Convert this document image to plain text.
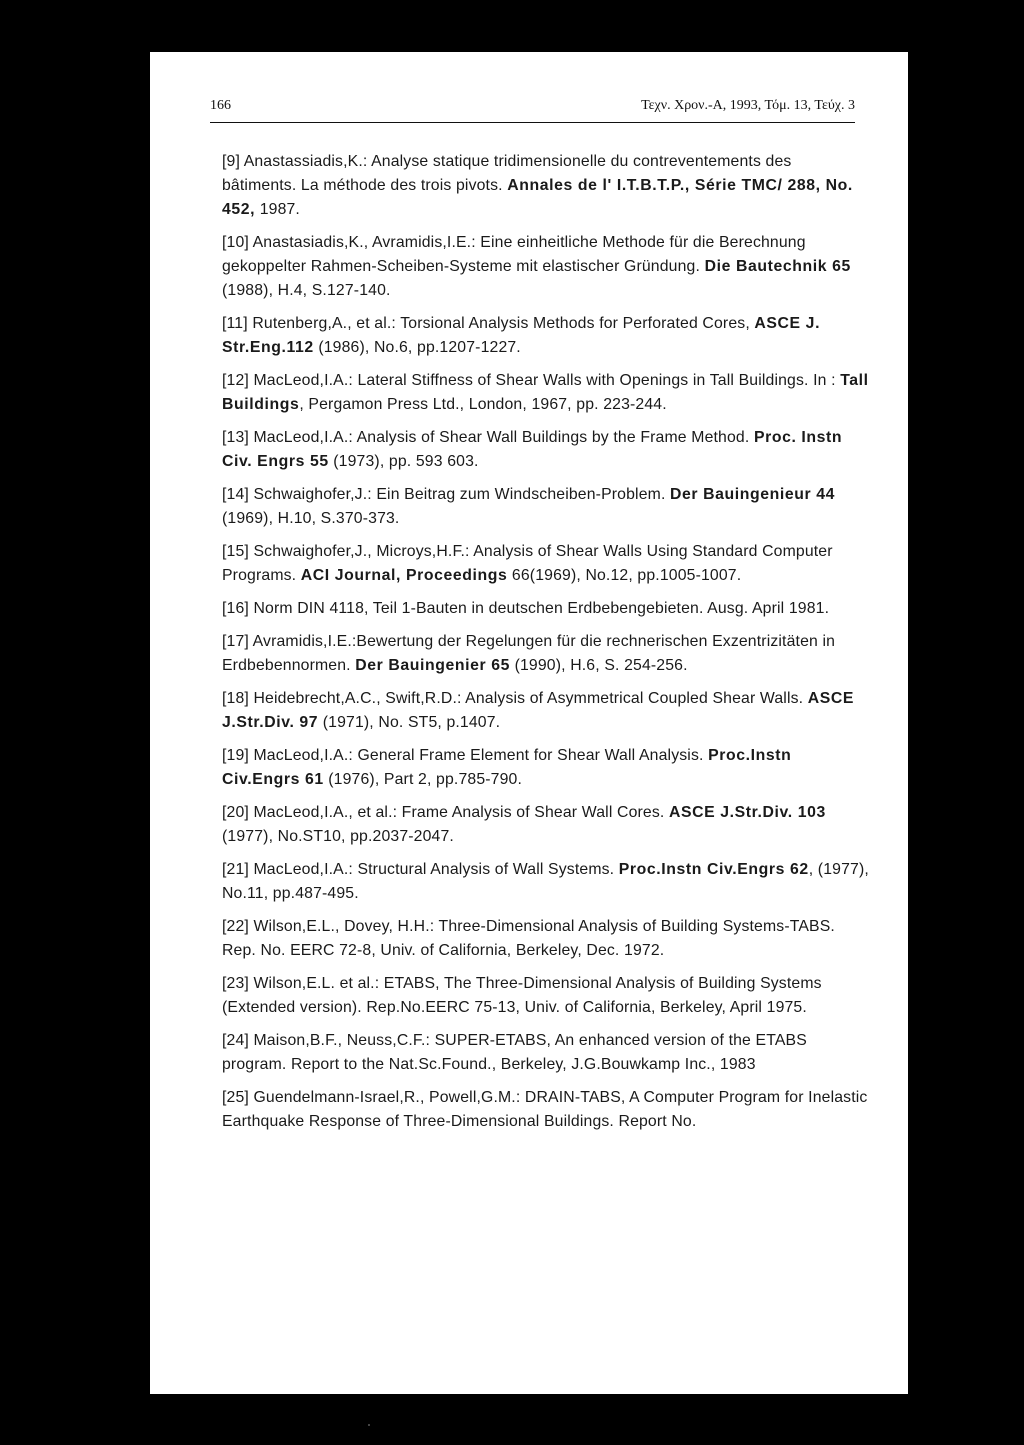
166	Τεχν. Χρον.-Α, 1993, Τόμ. 13, Τεύχ. 3
[9] Anastassiadis,K.: Analyse statique tridimensionelle du contreventements des bâtiments. La méthode des trois pivots. Annales de l' I.T.B.T.P., Série TMC/ 288, No. 452, 1987.
[10] Anastasiadis,K., Avramidis,I.E.: Eine einheitliche Methode für die Berechnung gekoppelter Rahmen-Scheiben-Systeme mit elastischer Gründung. Die Bautechnik 65 (1988), H.4, S.127-140.
[11] Rutenberg,A., et al.: Torsional Analysis Methods for Perforated Cores, ASCE J. Str.Eng.112 (1986), No.6, pp.1207-1227.
[12] MacLeod,I.A.: Lateral Stiffness of Shear Walls with Openings in Tall Buildings. In : Tall Buildings, Pergamon Press Ltd., London, 1967, pp. 223-244.
[13] MacLeod,I.A.: Analysis of Shear Wall Buildings by the Frame Method. Proc. Instn Civ. Engrs 55 (1973), pp. 593 603.
[14] Schwaighofer,J.: Ein Beitrag zum Windscheiben-Problem. Der Bauingenieur 44 (1969), H.10, S.370-373.
[15] Schwaighofer,J., Microys,H.F.: Analysis of Shear Walls Using Standard Computer Programs. ACI Journal, Proceedings 66(1969), No.12, pp.1005-1007.
[16] Norm DIN 4118, Teil 1-Bauten in deutschen Erdbebengebieten. Ausg. April 1981.
[17] Avramidis,I.E.:Bewertung der Regelungen für die rechnerischen Exzentrizitäten in Erdbebennormen. Der Bauingenier 65 (1990), H.6, S. 254-256.
[18] Heidebrecht,A.C., Swift,R.D.: Analysis of Asymmetrical Coupled Shear Walls. ASCE J.Str.Div. 97 (1971), No. ST5, p.1407.
[19] MacLeod,I.A.: General Frame Element for Shear Wall Analysis. Proc.Instn Civ.Engrs 61 (1976), Part 2, pp.785-790.
[20] MacLeod,I.A., et al.: Frame Analysis of Shear Wall Cores. ASCE J.Str.Div. 103 (1977), No.ST10, pp.2037-2047.
[21] MacLeod,I.A.: Structural Analysis of Wall Systems. Proc.Instn Civ.Engrs 62, (1977), No.11, pp.487-495.
[22] Wilson,E.L., Dovey, H.H.: Three-Dimensional Analysis of Building Systems-TABS. Rep. No. EERC 72-8, Univ. of California, Berkeley, Dec. 1972.
[23] Wilson,E.L. et al.: ETABS, The Three-Dimensional Analysis of Building Systems (Extended version). Rep.No.EERC 75-13, Univ. of California, Berkeley, April 1975.
[24] Maison,B.F., Neuss,C.F.: SUPER-ETABS, An enhanced version of the ETABS program. Report to the Nat.Sc.Found., Berkeley, J.G.Bouwkamp Inc., 1983
[25] Guendelmann-Israel,R., Powell,G.M.: DRAIN-TABS, A Computer Program for Inelastic Earthquake Response of Three-Dimensional Buildings. Report No.
